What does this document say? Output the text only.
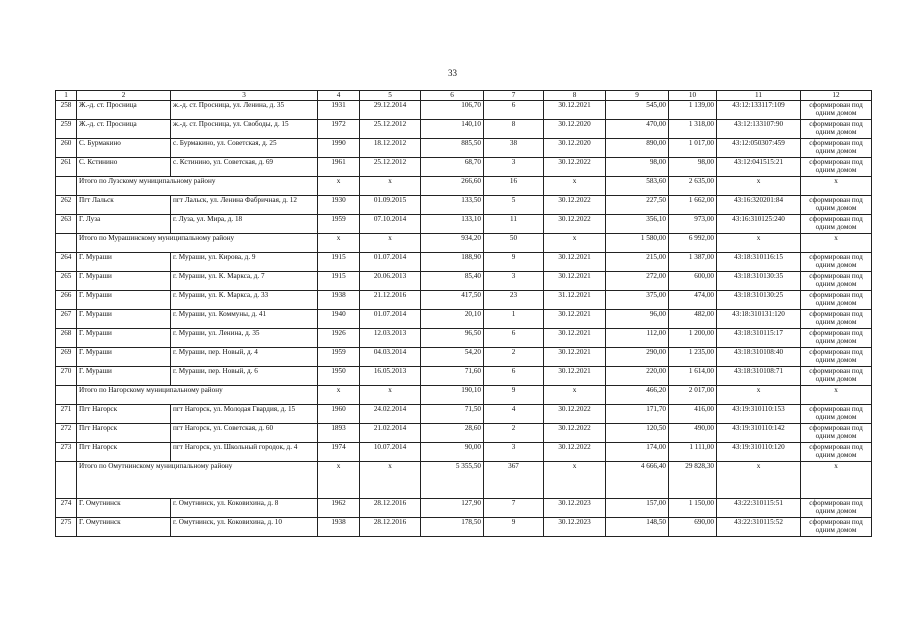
33
1	2	3	4	5	6	7	8	9	10	11	12
258	Ж.-д. ст. Просница	ж.-д. ст. Просница, ул. Ленина, д. 35	1931	29.12.2014	106,70	6	30.12.2021	545,00	1 139,00	43:12:133117:109	сформирован под одним домом
259	Ж.-д. ст. Просница	ж.-д. ст. Просница, ул. Свободы, д. 15	1972	25.12.2012	140,10	8	30.12.2020	470,00	1 318,00	43:12:133107:90	сформирован под одним домом
260	С. Бурмакино	с. Бурмакино, ул. Советская, д. 25	1990	18.12.2012	885,50	38	30.12.2020	890,00	1 017,00	43:12:050307:459	сформирован под одним домом
261	С. Кстинино	с. Кстинино, ул. Советская, д. 69	1961	25.12.2012	68,70	3	30.12.2022	98,00	98,00	43:12:041515:21	сформирован под одним домом
	Итого по Лузскому муниципальному району		x	x	266,60	16	x	583,60	2 635,00	x	x
262	Пгт Лальск	пгт Лальск, ул. Ленина Фабричная, д. 12	1930	01.09.2015	133,50	5	30.12.2022	227,50	1 662,00	43:16:320201:84	сформирован под одним домом
263	Г. Луза	г. Луза, ул. Мира, д. 18	1959	07.10.2014	133,10	11	30.12.2022	356,10	973,00	43:16:310125:240	сформирован под одним домом
	Итого по Мурашинскому муниципальному району		x	x	934,20	50	x	1 580,00	6 992,00	x	x
264	Г. Мураши	г. Мураши, ул. Кирова, д. 9	1915	01.07.2014	188,90	9	30.12.2021	215,00	1 387,00	43:18:310116:15	сформирован под одним домом
265	Г. Мураши	г. Мураши, ул. К. Маркса, д. 7	1915	20.06.2013	85,40	3	30.12.2021	272,00	600,00	43:18:310130:35	сформирован под одним домом
266	Г. Мураши	г. Мураши, ул. К. Маркса, д. 33	1938	21.12.2016	417,50	23	31.12.2021	375,00	474,00	43:18:310130:25	сформирован под одним домом
267	Г. Мураши	г. Мураши, ул. Коммуны, д. 41	1940	01.07.2014	20,10	1	30.12.2021	96,00	482,00	43:18:310131:120	сформирован под одним домом
268	Г. Мураши	г. Мураши, ул. Ленина, д. 35	1926	12.03.2013	96,50	6	30.12.2021	112,00	1 200,00	43:18:310115:17	сформирован под одним домом
269	Г. Мураши	г. Мураши, пер. Новый, д. 4	1959	04.03.2014	54,20	2	30.12.2021	290,00	1 235,00	43:18:310108:40	сформирован под одним домом
270	Г. Мураши	г. Мураши, пер. Новый, д. 6	1950	16.05.2013	71,60	6	30.12.2021	220,00	1 614,00	43:18:310108:71	сформирован под одним домом
	Итого по Нагорскому муниципальному району		x	x	190,10	9	x	466,20	2 017,00	x	x
271	Пгт Нагорск	пгт Нагорск, ул. Молодая Гвардия, д. 15	1960	24.02.2014	71,50	4	30.12.2022	171,70	416,00	43:19:310110:153	сформирован под одним домом
272	Пгт Нагорск	пгт Нагорск, ул. Советская, д. 60	1893	21.02.2014	28,60	2	30.12.2022	120,50	490,00	43:19:310110:142	сформирован под одним домом
273	Пгт Нагорск	пгт Нагорск, ул. Школьный городок, д. 4	1974	10.07.2014	90,00	3	30.12.2022	174,00	1 111,00	43:19:310110:120	сформирован под одним домом
	Итого по Омутнинскому муниципальному району		x	x	5 355,50	367	x	4 666,40	29 828,30	x	x
274	Г. Омутнинск	г. Омутнинск, ул. Коковихина, д. 8	1962	28.12.2016	127,90	7	30.12.2023	157,00	1 150,00	43:22:310115:51	сформирован под одним домом
275	Г. Омутнинск	г. Омутнинск, ул. Коковихина, д. 10	1938	28.12.2016	178,50	9	30.12.2023	148,50	690,00	43:22:310115:52	сформирован под одним домом
